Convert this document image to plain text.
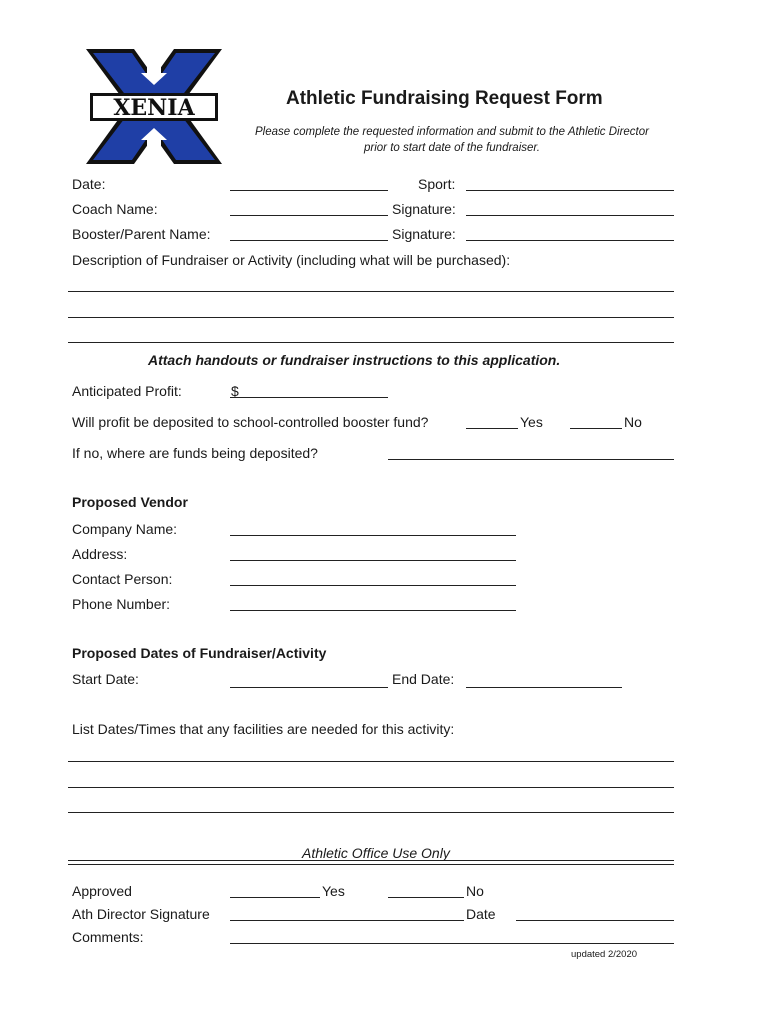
XENIA	Athletic Fundraising Request Form
Please complete the requested information and submit to the Athletic Director
prior to start date of the fundraiser.
Date:	Sport:
Coach Name:	Signature:
Booster/Parent Name:	Signature:
Description of Fundraiser or Activity (including what will be purchased):
Attach handouts or fundraiser instructions to this application.
Anticipated Profit:	$
Will profit be deposited to school-controlled booster fund?	Yes	No
If no, where are funds being deposited?
Proposed Vendor
Company Name:
Address:
Contact Person:
Phone Number:
Proposed Dates of Fundraiser/Activity
Start Date:	End Date:
List Dates/Times that any facilities are needed for this activity:
Athletic Office Use Only
Approved	Yes	No
Ath Director Signature	Date
Comments:
updated 2/2020
